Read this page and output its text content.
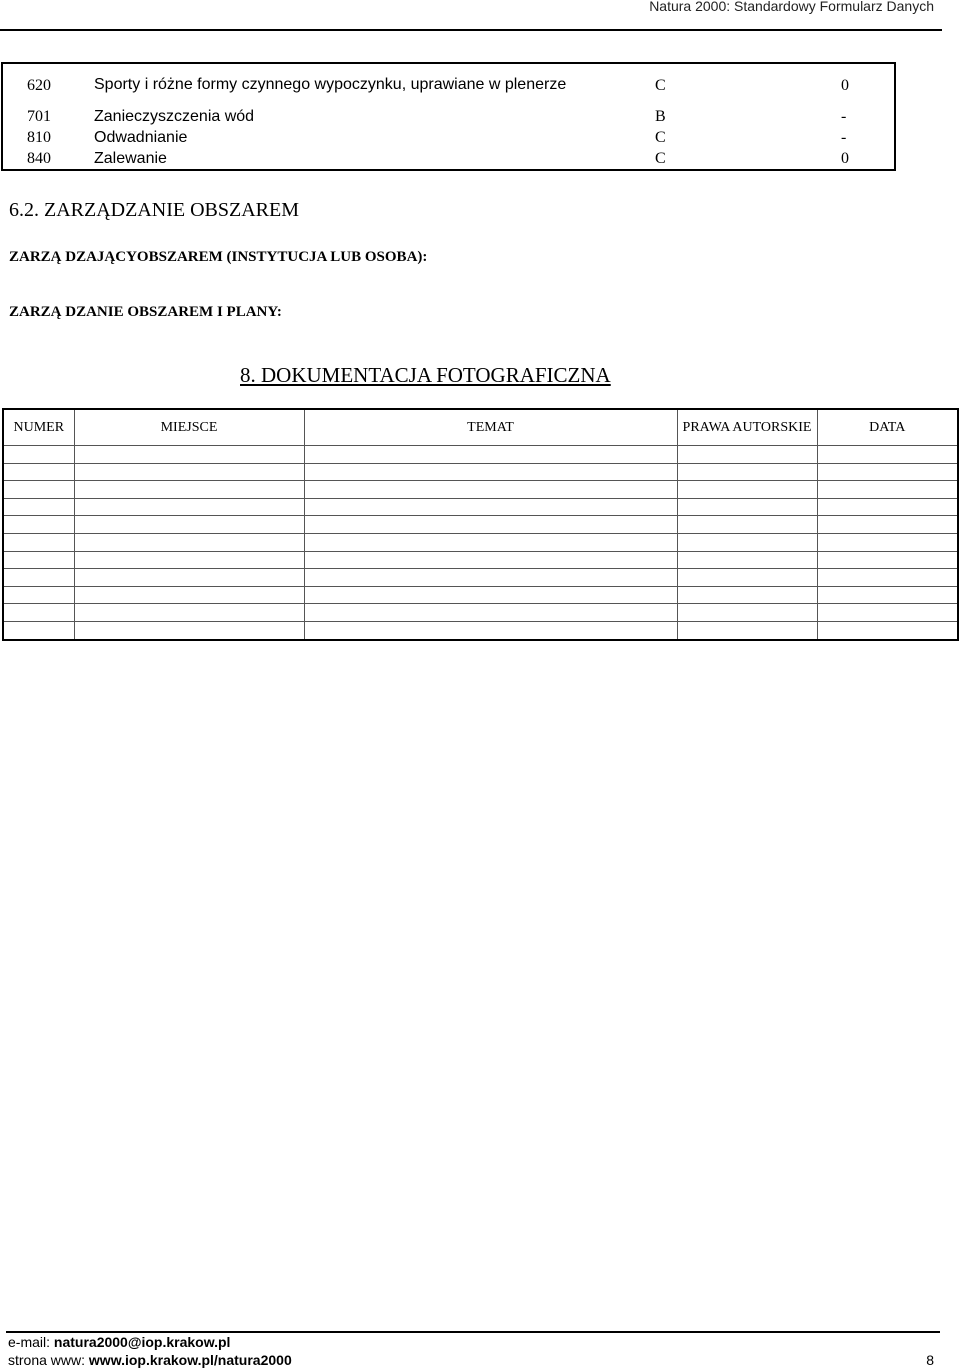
Natura 2000: Standardowy Formularz Danych
620	Sporty i różne formy czynnego wypoczynku, uprawiane w plenerze	C	0
701	Zanieczyszczenia wód	B	-
810	Odwadnianie	C	-
840	Zalewanie	C	0
6.2. ZARZĄDZANIE OBSZAREM
ZARZĄ DZAJĄCYOBSZAREM (INSTYTUCJA LUB OSOBA):
ZARZĄ DZANIE OBSZAREM I PLANY:
8. DOKUMENTACJA FOTOGRAFICZNA
NUMER	MIEJSCE	TEMAT	PRAWA AUTORSKIE	DATA

e-mail: natura2000@iop.krakow.pl
strona www: www.iop.krakow.pl/natura2000	8
